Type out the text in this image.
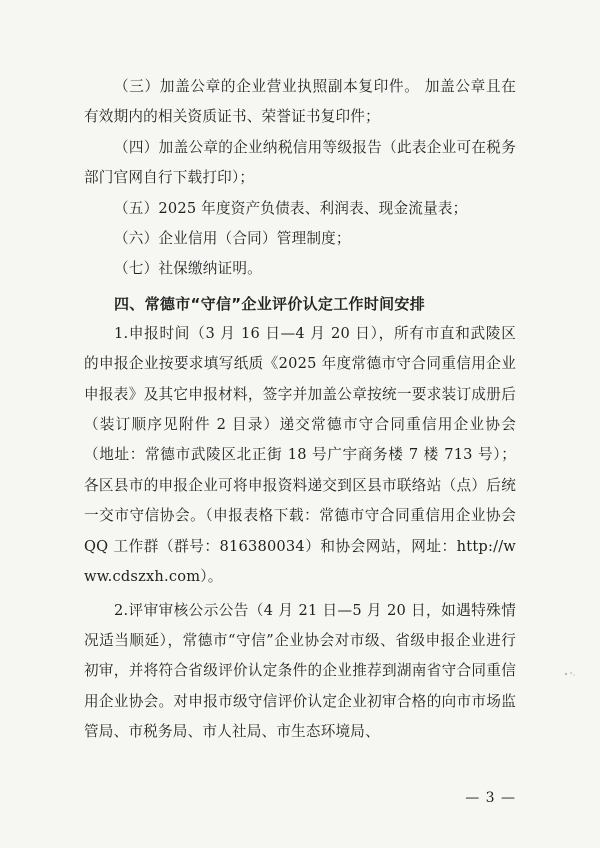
（三）加盖公章的企业营业执照副本复印件。 加盖公章且在有效期内的相关资质证书、荣誉证书复印件；

（四）加盖公章的企业纳税信用等级报告（此表企业可在税务部门官网自行下载打印）；

（五）2025 年度资产负债表、利润表、现金流量表；

（六）企业信用（合同）管理制度；

（七）社保缴纳证明。

四、常德市“守信”企业评价认定工作时间安排

1.申报时间（3 月 16 日—4 月 20 日），所有市直和武陵区的申报企业按要求填写纸质《2025 年度常德市守合同重信用企业申报表》及其它申报材料，签字并加盖公章按统一要求装订成册后（装订顺序见附件 2 目录）递交常德市守合同重信用企业协会（地址：常德市武陵区北正街 18 号广宇商务楼 7 楼 713 号）；各区县市的申报企业可将申报资料递交到区县市联络站（点）后统一交市守信协会。（申报表格下载：常德市守合同重信用企业协会 QQ 工作群（群号：816380034）和协会网站，网址：http://www.cdszxh.com）。

2.评审审核公示公告（4 月 21 日—5 月 20 日，如遇特殊情况适当顺延），常德市“守信”企业协会对市级、省级申报企业进行初审，并将符合省级评价认定条件的企业推荐到湖南省守合同重信用企业协会。对申报市级守信评价认定企业初审合格的向市市场监管局、市税务局、市人社局、市生态环境局、

— 3 —
